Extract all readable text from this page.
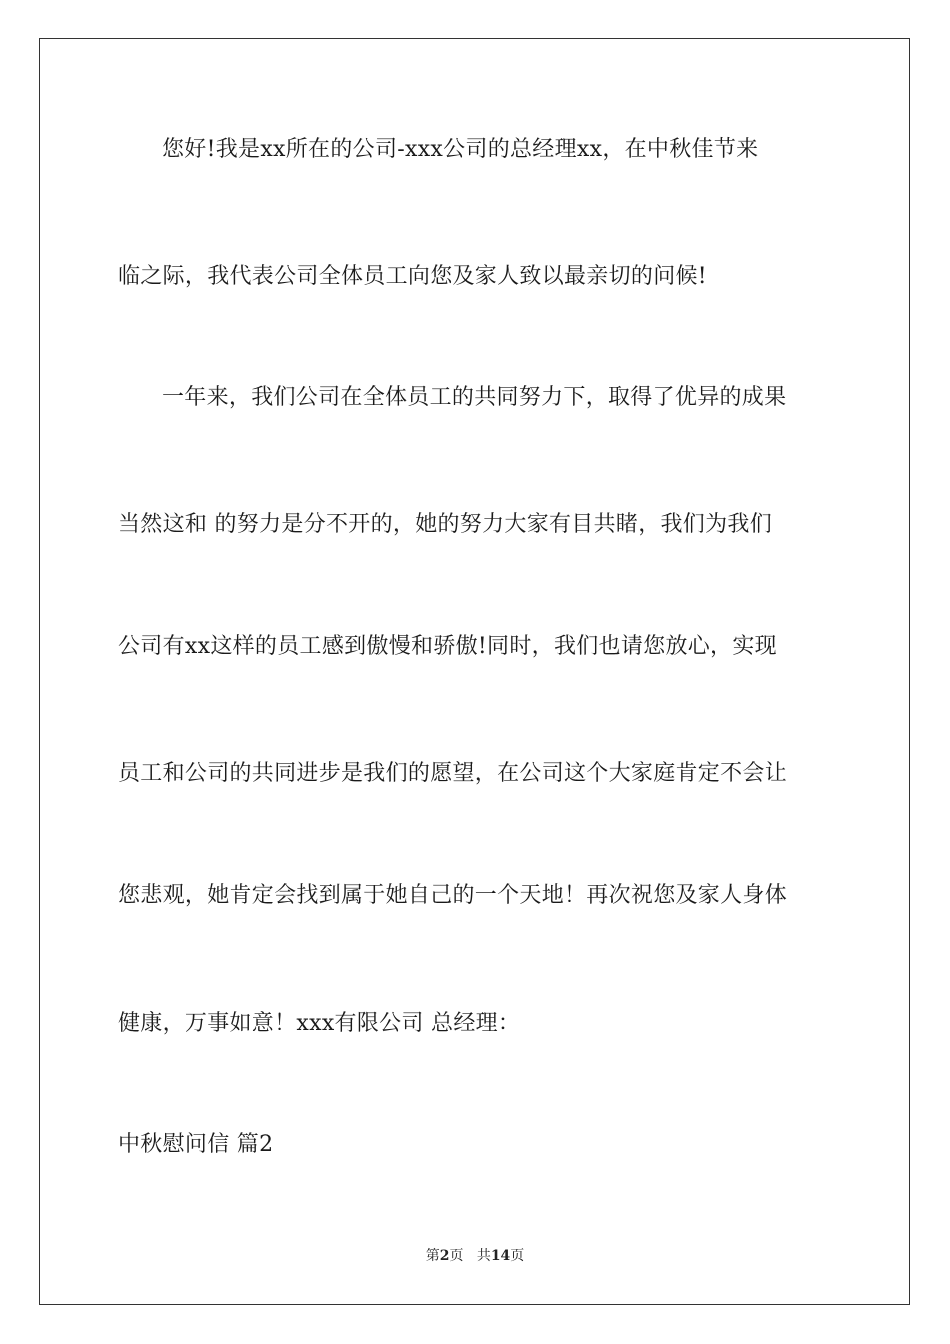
您好!我是xx所在的公司-xxx公司的总经理xx，在中秋佳节来
临之际，我代表公司全体员工向您及家人致以最亲切的问候!
一年来，我们公司在全体员工的共同努力下，取得了优异的成果
当然这和 的努力是分不开的，她的努力大家有目共睹，我们为我们
公司有xx这样的员工感到傲慢和骄傲!同时，我们也请您放心，实现
员工和公司的共同进步是我们的愿望，在公司这个大家庭肯定不会让
您悲观，她肯定会找到属于她自己的一个天地！再次祝您及家人身体
健康，万事如意！xxx有限公司 总经理：
中秋慰问信 篇2
第2页 共14页
